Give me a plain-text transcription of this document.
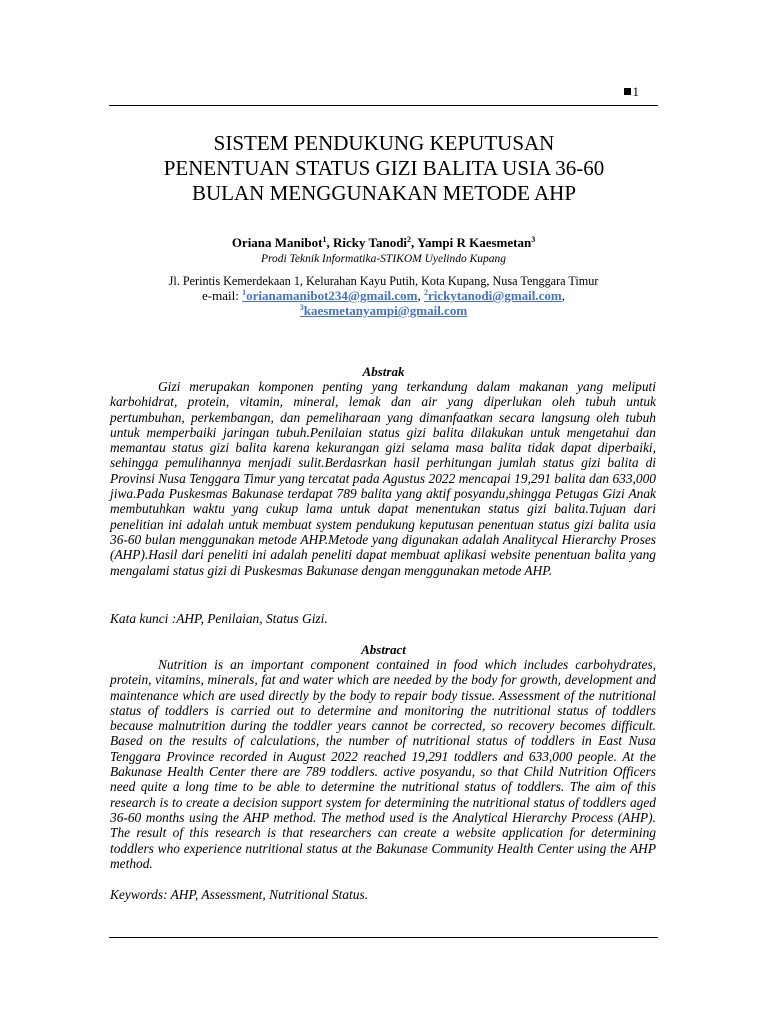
1
SISTEM PENDUKUNG KEPUTUSAN
PENENTUAN STATUS GIZI BALITA USIA 36-60
BULAN MENGGUNAKAN METODE AHP
Oriana Manibot$^1$, Ricky Tanodi$^2$, Yampi R Kaesmetan$^3$
Prodi Teknik Informatika-STIKOM Uyelindo Kupang
Jl. Perintis Kemerdekaan 1, Kelurahan Kayu Putih, Kota Kupang, Nusa Tenggara Timur
e-mail: $^1$orianamanibot234@gmail.com, $^2$rickytanodi@gmail.com,
$^3$kaesmetanyampi@gmail.com
Abstrak

Gizi merupakan komponen penting yang terkandung dalam makanan yang meliputi karbohidrat, protein, vitamin, mineral, lemak dan air yang diperlukan oleh tubuh untuk pertumbuhan, perkembangan, dan pemeliharaan yang dimanfaatkan secara langsung oleh tubuh untuk memperbaiki jaringan tubuh.Penilaian status gizi balita dilakukan untuk mengetahui dan memantau status gizi balita karena kekurangan gizi selama masa balita tidak dapat diperbaiki, sehingga pemulihannya menjadi sulit.Berdasrkan hasil perhitungan jumlah status gizi balita di Provinsi Nusa Tenggara Timur yang tercatat pada Agustus 2022 mencapai 19,291 balita dan 633,000 jiwa.Pada Puskesmas Bakunase terdapat 789 balita yang aktif posyandu,shingga Petugas Gizi Anak membutuhkan waktu yang cukup lama untuk dapat menentukan status gizi balita.Tujuan dari penelitian ini adalah untuk membuat system pendukung keputusan penentuan status gizi balita usia 36-60 bulan menggunakan metode AHP.Metode yang digunakan adalah Analitycal Hierarchy Proses (AHP).Hasil dari peneliti ini adalah peneliti dapat membuat aplikasi website penentuan balita yang mengalami status gizi di Puskesmas Bakunase dengan menggunakan metode AHP.

Kata kunci :AHP, Penilaian, Status Gizi.

Abstract

Nutrition is an important component contained in food which includes carbohydrates, protein, vitamins, minerals, fat and water which are needed by the body for growth, development and maintenance which are used directly by the body to repair body tissue. Assessment of the nutritional status of toddlers is carried out to determine and monitoring the nutritional status of toddlers because malnutrition during the toddler years cannot be corrected, so recovery becomes difficult. Based on the results of calculations, the number of nutritional status of toddlers in East Nusa Tenggara Province recorded in August 2022 reached 19,291 toddlers and 633,000 people. At the Bakunase Health Center there are 789 toddlers. active posyandu, so that Child Nutrition Officers need quite a long time to be able to determine the nutritional status of toddlers. The aim of this research is to create a decision support system for determining the nutritional status of toddlers aged 36-60 months using the AHP method. The method used is the Analytical Hierarchy Process (AHP). The result of this research is that researchers can create a website application for determining toddlers who experience nutritional status at the Bakunase Community Health Center using the AHP method.

Keywords: AHP, Assessment, Nutritional Status.
